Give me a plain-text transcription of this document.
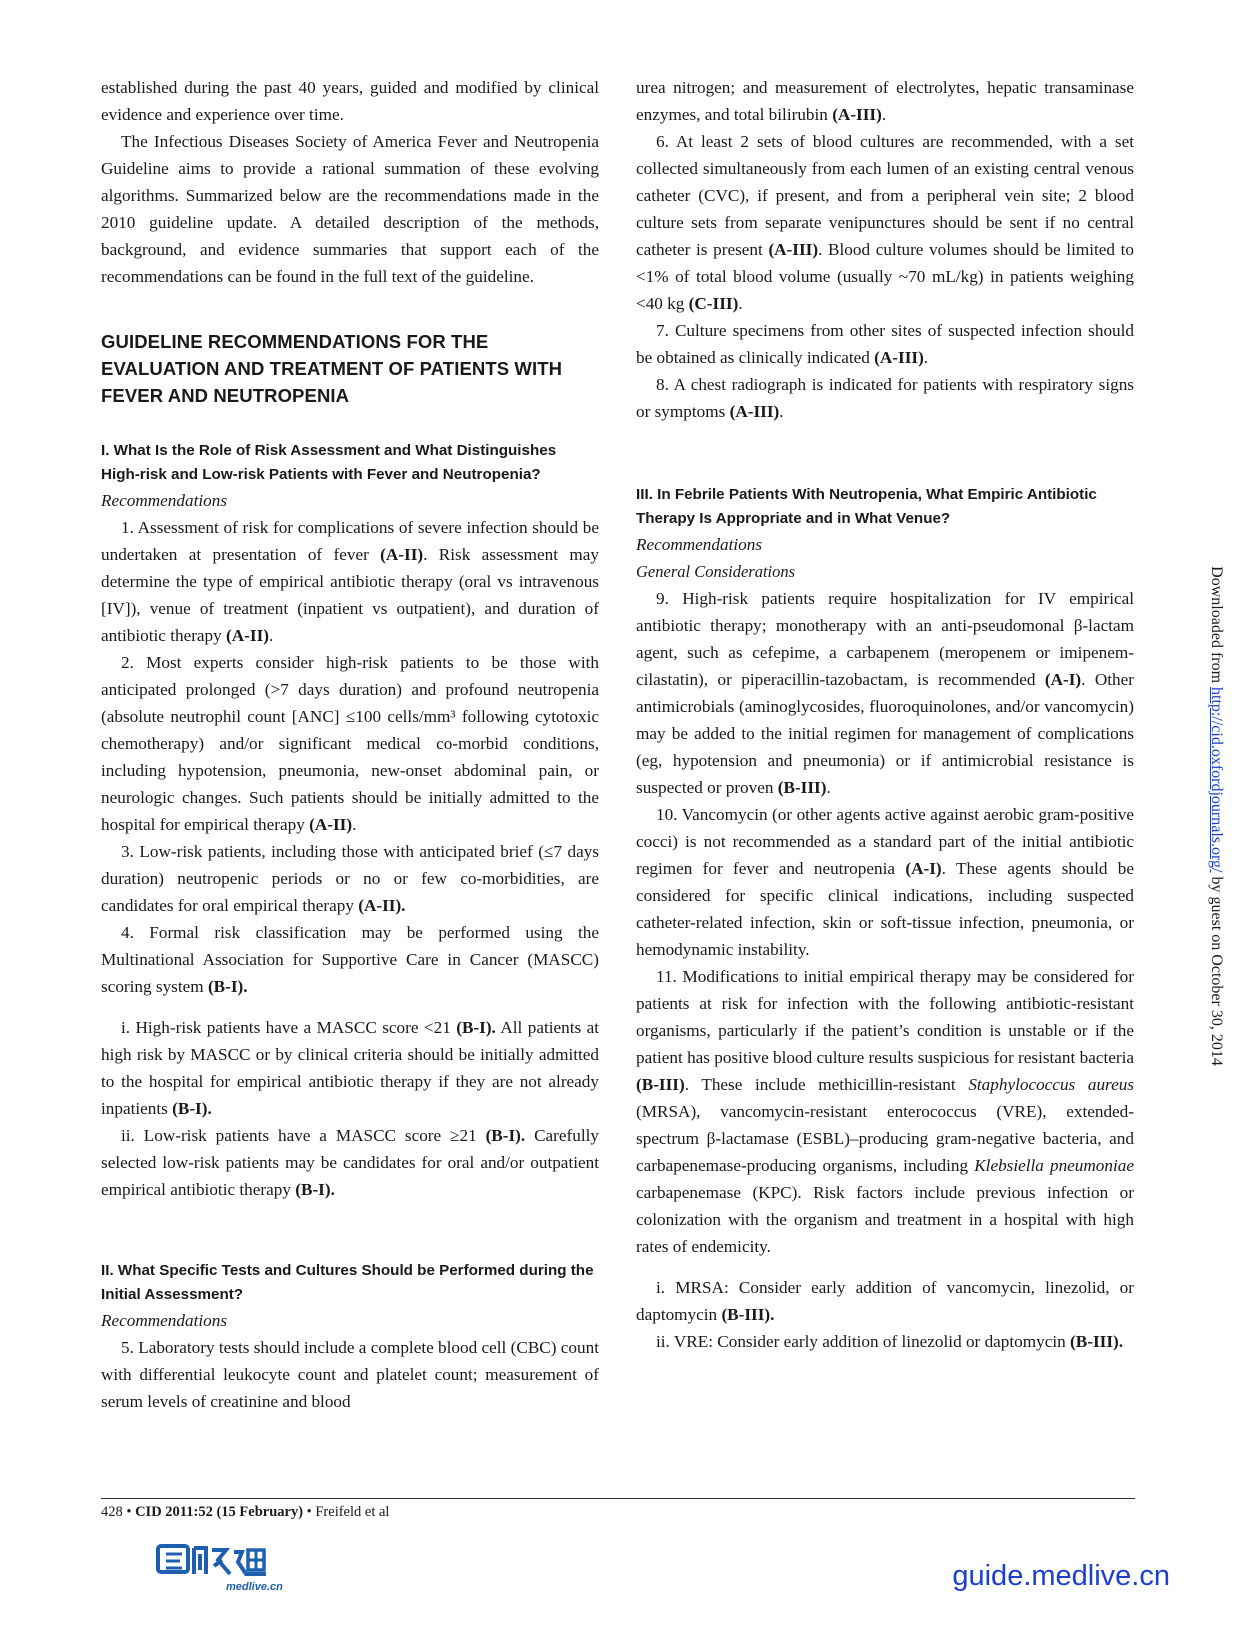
established during the past 40 years, guided and modified by clinical evidence and experience over time.

The Infectious Diseases Society of America Fever and Neutropenia Guideline aims to provide a rational summation of these evolving algorithms. Summarized below are the recommendations made in the 2010 guideline update. A detailed description of the methods, background, and evidence summaries that support each of the recommendations can be found in the full text of the guideline.

GUIDELINE RECOMMENDATIONS FOR THE EVALUATION AND TREATMENT OF PATIENTS WITH FEVER AND NEUTROPENIA
I. What Is the Role of Risk Assessment and What Distinguishes High-risk and Low-risk Patients with Fever and Neutropenia?
Recommendations

1. Assessment of risk for complications of severe infection should be undertaken at presentation of fever (A-II). Risk assessment may determine the type of empirical antibiotic therapy (oral vs intravenous [IV]), venue of treatment (inpatient vs outpatient), and duration of antibiotic therapy (A-II).

2. Most experts consider high-risk patients to be those with anticipated prolonged (>7 days duration) and profound neutropenia (absolute neutrophil count [ANC] ≤100 cells/mm³ following cytotoxic chemotherapy) and/or significant medical co-morbid conditions, including hypotension, pneumonia, new-onset abdominal pain, or neurologic changes. Such patients should be initially admitted to the hospital for empirical therapy (A-II).

3. Low-risk patients, including those with anticipated brief (≤7 days duration) neutropenic periods or no or few co-morbidities, are candidates for oral empirical therapy (A-II).

4. Formal risk classification may be performed using the Multinational Association for Supportive Care in Cancer (MASCC) scoring system (B-I).

i. High-risk patients have a MASCC score <21 (B-I). All patients at high risk by MASCC or by clinical criteria should be initially admitted to the hospital for empirical antibiotic therapy if they are not already inpatients (B-I).

ii. Low-risk patients have a MASCC score ≥21 (B-I). Carefully selected low-risk patients may be candidates for oral and/or outpatient empirical antibiotic therapy (B-I).

II. What Specific Tests and Cultures Should be Performed during the Initial Assessment?
Recommendations

5. Laboratory tests should include a complete blood cell (CBC) count with differential leukocyte count and platelet count; measurement of serum levels of creatinine and blood

urea nitrogen; and measurement of electrolytes, hepatic transaminase enzymes, and total bilirubin (A-III).

6. At least 2 sets of blood cultures are recommended, with a set collected simultaneously from each lumen of an existing central venous catheter (CVC), if present, and from a peripheral vein site; 2 blood culture sets from separate venipunctures should be sent if no central catheter is present (A-III). Blood culture volumes should be limited to <1% of total blood volume (usually ~70 mL/kg) in patients weighing <40 kg (C-III).

7. Culture specimens from other sites of suspected infection should be obtained as clinically indicated (A-III).

8. A chest radiograph is indicated for patients with respiratory signs or symptoms (A-III).

III. In Febrile Patients With Neutropenia, What Empiric Antibiotic Therapy Is Appropriate and in What Venue?
Recommendations
General Considerations

9. High-risk patients require hospitalization for IV empirical antibiotic therapy; monotherapy with an anti-pseudomonal β-lactam agent, such as cefepime, a carbapenem (meropenem or imipenem-cilastatin), or piperacillin-tazobactam, is recommended (A-I). Other antimicrobials (aminoglycosides, fluoroquinolones, and/or vancomycin) may be added to the initial regimen for management of complications (eg, hypotension and pneumonia) or if antimicrobial resistance is suspected or proven (B-III).

10. Vancomycin (or other agents active against aerobic gram-positive cocci) is not recommended as a standard part of the initial antibiotic regimen for fever and neutropenia (A-I). These agents should be considered for specific clinical indications, including suspected catheter-related infection, skin or soft-tissue infection, pneumonia, or hemodynamic instability.

11. Modifications to initial empirical therapy may be considered for patients at risk for infection with the following antibiotic-resistant organisms, particularly if the patient’s condition is unstable or if the patient has positive blood culture results suspicious for resistant bacteria (B-III). These include methicillin-resistant Staphylococcus aureus (MRSA), vancomycin-resistant enterococcus (VRE), extended-spectrum β-lactamase (ESBL)–producing gram-negative bacteria, and carbapenemase-producing organisms, including Klebsiella pneumoniae carbapenemase (KPC). Risk factors include previous infection or colonization with the organism and treatment in a hospital with high rates of endemicity.

i. MRSA: Consider early addition of vancomycin, linezolid, or daptomycin (B-III).

ii. VRE: Consider early addition of linezolid or daptomycin (B-III).

Downloaded from http://cid.oxfordjournals.org/ by guest on October 30, 2014
428 • CID 2011:52 (15 February) • Freifeld et al
medlive.cn	guide.medlive.cn
